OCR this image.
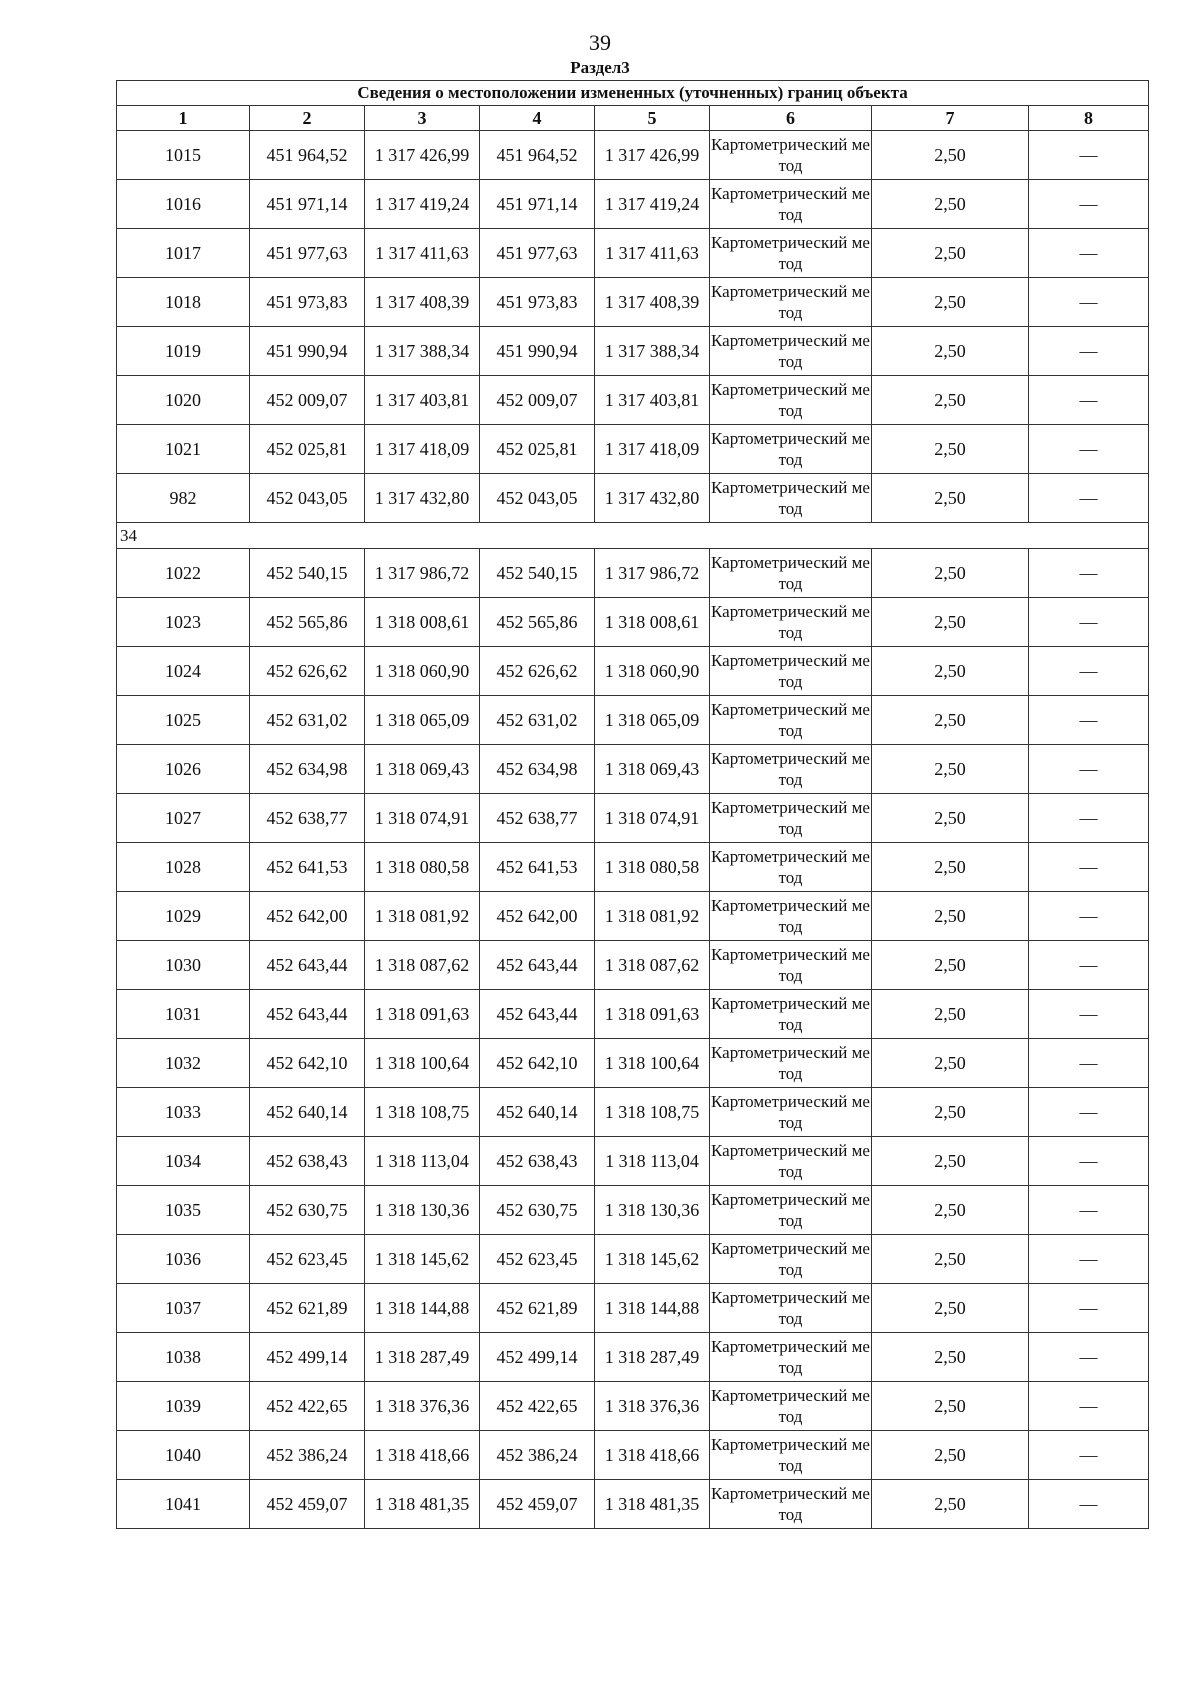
39
Раздел3
Сведения о местоположении измененных (уточненных) границ объекта							
1	2	3	4	5	6	7	8
1015	451 964,52	1 317 426,99	451 964,52	1 317 426,99	Картометрический метод	2,50	—
1016	451 971,14	1 317 419,24	451 971,14	1 317 419,24	Картометрический метод	2,50	—
1017	451 977,63	1 317 411,63	451 977,63	1 317 411,63	Картометрический метод	2,50	—
1018	451 973,83	1 317 408,39	451 973,83	1 317 408,39	Картометрический метод	2,50	—
1019	451 990,94	1 317 388,34	451 990,94	1 317 388,34	Картометрический метод	2,50	—
1020	452 009,07	1 317 403,81	452 009,07	1 317 403,81	Картометрический метод	2,50	—
1021	452 025,81	1 317 418,09	452 025,81	1 317 418,09	Картометрический метод	2,50	—
982	452 043,05	1 317 432,80	452 043,05	1 317 432,80	Картометрический метод	2,50	—
34							
1022	452 540,15	1 317 986,72	452 540,15	1 317 986,72	Картометрический метод	2,50	—
1023	452 565,86	1 318 008,61	452 565,86	1 318 008,61	Картометрический метод	2,50	—
1024	452 626,62	1 318 060,90	452 626,62	1 318 060,90	Картометрический метод	2,50	—
1025	452 631,02	1 318 065,09	452 631,02	1 318 065,09	Картометрический метод	2,50	—
1026	452 634,98	1 318 069,43	452 634,98	1 318 069,43	Картометрический метод	2,50	—
1027	452 638,77	1 318 074,91	452 638,77	1 318 074,91	Картометрический метод	2,50	—
1028	452 641,53	1 318 080,58	452 641,53	1 318 080,58	Картометрический метод	2,50	—
1029	452 642,00	1 318 081,92	452 642,00	1 318 081,92	Картометрический метод	2,50	—
1030	452 643,44	1 318 087,62	452 643,44	1 318 087,62	Картометрический метод	2,50	—
1031	452 643,44	1 318 091,63	452 643,44	1 318 091,63	Картометрический метод	2,50	—
1032	452 642,10	1 318 100,64	452 642,10	1 318 100,64	Картометрический метод	2,50	—
1033	452 640,14	1 318 108,75	452 640,14	1 318 108,75	Картометрический метод	2,50	—
1034	452 638,43	1 318 113,04	452 638,43	1 318 113,04	Картометрический метод	2,50	—
1035	452 630,75	1 318 130,36	452 630,75	1 318 130,36	Картометрический метод	2,50	—
1036	452 623,45	1 318 145,62	452 623,45	1 318 145,62	Картометрический метод	2,50	—
1037	452 621,89	1 318 144,88	452 621,89	1 318 144,88	Картометрический метод	2,50	—
1038	452 499,14	1 318 287,49	452 499,14	1 318 287,49	Картометрический метод	2,50	—
1039	452 422,65	1 318 376,36	452 422,65	1 318 376,36	Картометрический метод	2,50	—
1040	452 386,24	1 318 418,66	452 386,24	1 318 418,66	Картометрический метод	2,50	—
1041	452 459,07	1 318 481,35	452 459,07	1 318 481,35	Картометрический метод	2,50	—
